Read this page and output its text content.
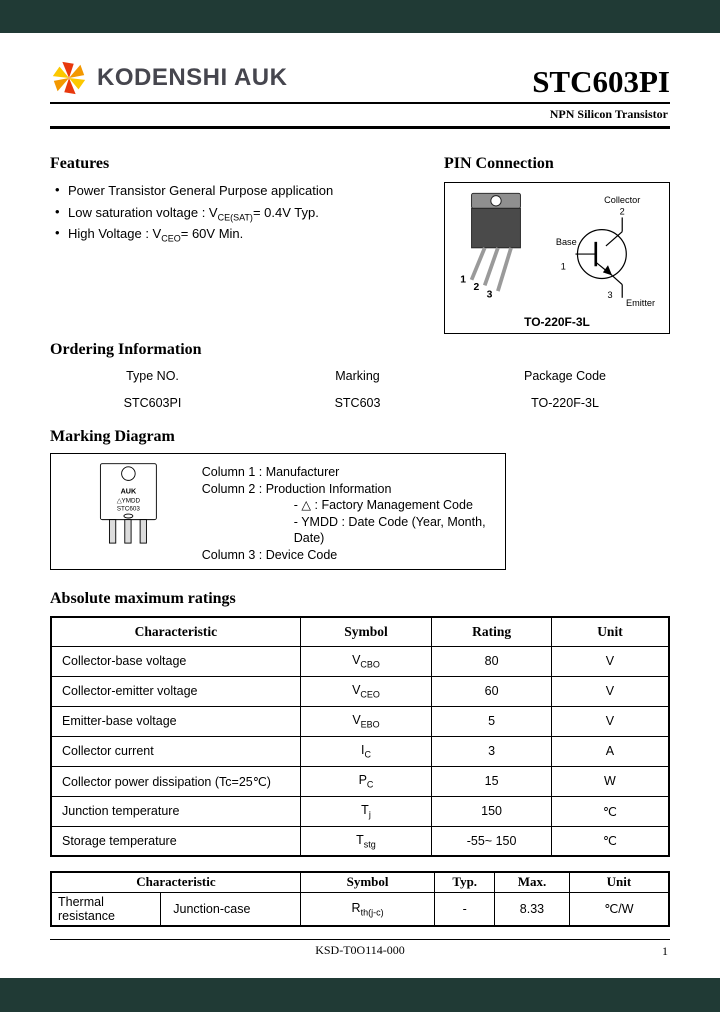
KODENSHI AUK	STC603PI
NPN Silicon Transistor
Features
• Power Transistor General Purpose application
• Low saturation voltage : $V_{CE(SAT)}= 0.4V$ Typ.
• High Voltage : $V_{CEO}= 60V$ Min.
PIN Connection
1
2
3
Collector
2
Base
1
3
Emitter
TO-220F-3L
Ordering Information
Type NO.	Marking	Package Code
STC603PI	STC603	TO-220F-3L
Marking Diagram
AUK
△YMDD
STC603
Column 1 : Manufacturer
Column 2 : Production Information
- △ : Factory Management Code
- YMDD : Date Code (Year, Month, Date)
Column 3 : Device Code
Absolute maximum ratings
Characteristic	Symbol	Rating	Unit
Collector-base voltage	$V_{CBO}$	80	V
Collector-emitter voltage	$V_{CEO}$	60	V
Emitter-base voltage	$V_{EBO}$	5	V
Collector current	$I_C$	3	A
Collector power dissipation (Tc=25℃)	$P_C$	15	W
Junction temperature	$T_j$	150	℃
Storage temperature	$T_{stg}$	-55~ 150	℃
Characteristic		Symbol	Typ.	Max.	Unit
Thermal resistance	Junction-case	$R_{th(j-c)}$	-	8.33	℃/W
KSD-T0O114-000	1
